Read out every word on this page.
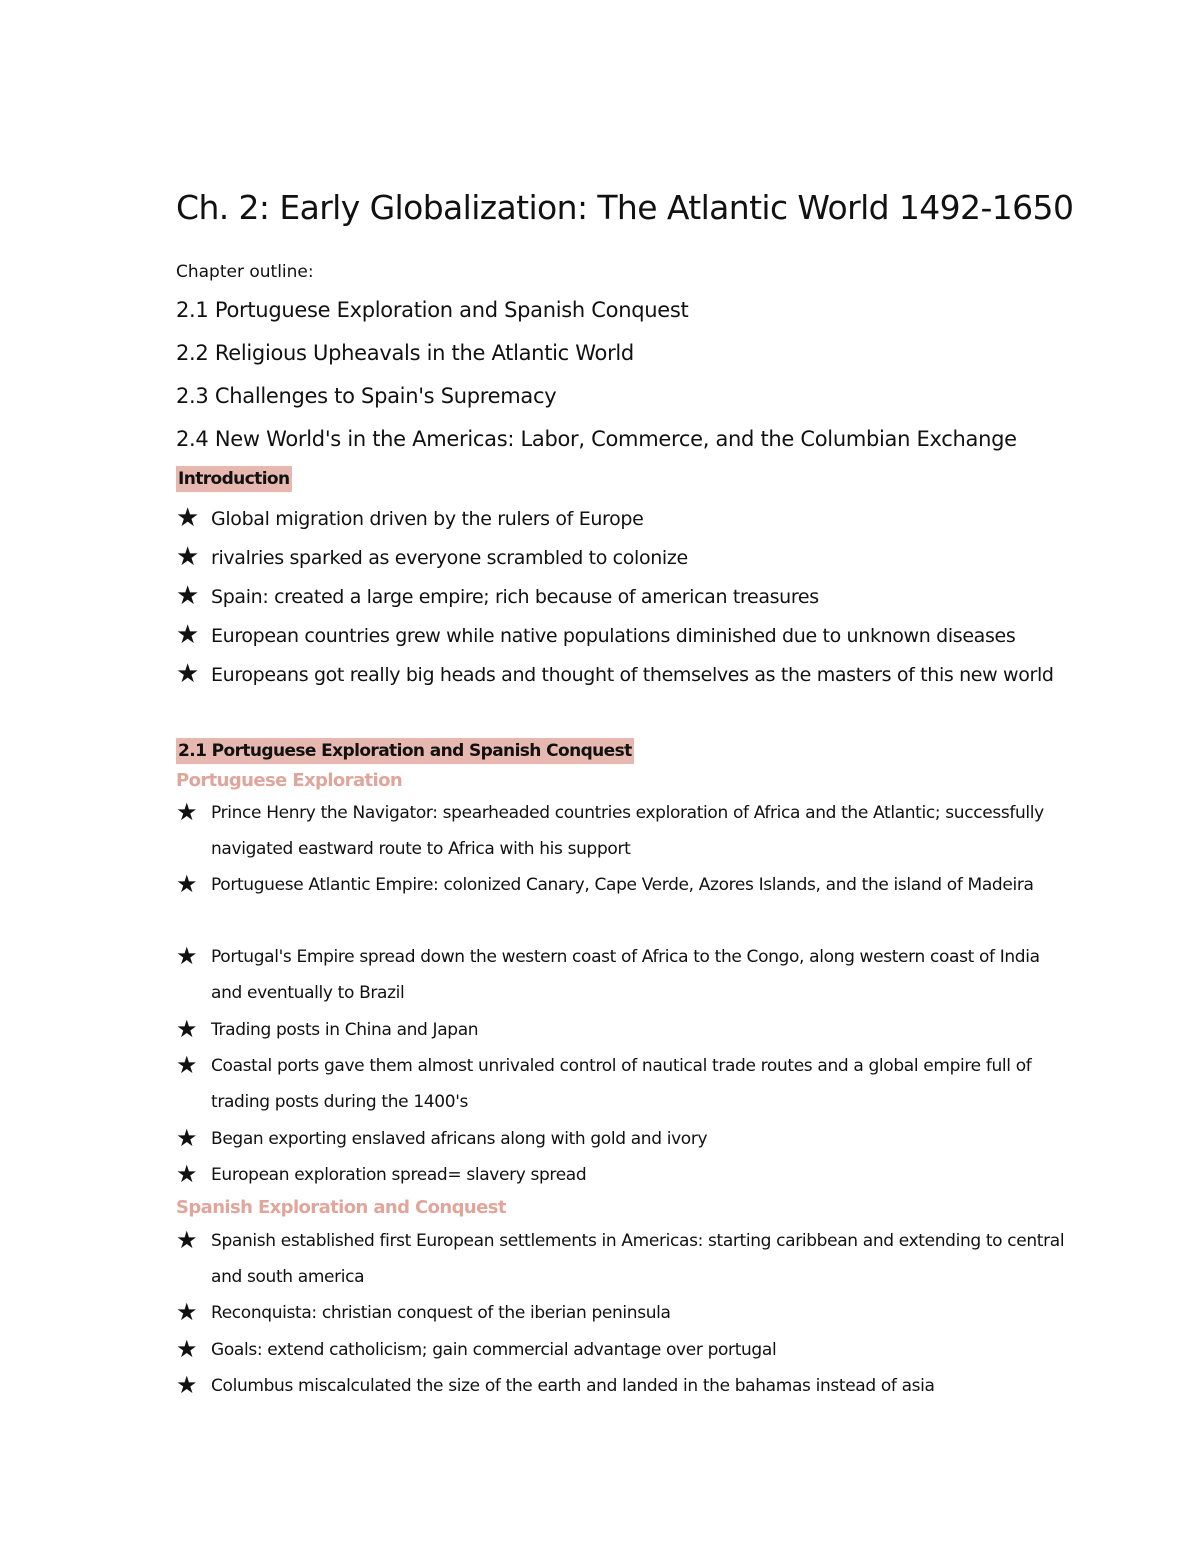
Ch. 2: Early Globalization: The Atlantic World 1492-1650
Chapter outline:
2.1 Portuguese Exploration and Spanish Conquest
2.2 Religious Upheavals in the Atlantic World
2.3 Challenges to Spain's Supremacy
2.4 New World's in the Americas: Labor, Commerce, and the Columbian Exchange
Introduction
★ Global migration driven by the rulers of Europe
★ rivalries sparked as everyone scrambled to colonize
★ Spain: created a large empire; rich because of american treasures
★ European countries grew while native populations diminished due to unknown diseases
★ Europeans got really big heads and thought of themselves as the masters of this new world
2.1 Portuguese Exploration and Spanish Conquest
Portuguese Exploration
★ Prince Henry the Navigator: spearheaded countries exploration of Africa and the Atlantic; successfully navigated eastward route to Africa with his support
★ Portuguese Atlantic Empire: colonized Canary, Cape Verde, Azores Islands, and the island of Madeira
★ Portugal's Empire spread down the western coast of Africa to the Congo, along western coast of India and eventually to Brazil
★ Trading posts in China and Japan
★ Coastal ports gave them almost unrivaled control of nautical trade routes and a global empire full of trading posts during the 1400's
★ Began exporting enslaved africans along with gold and ivory
★ European exploration spread= slavery spread
Spanish Exploration and Conquest
★ Spanish established first European settlements in Americas: starting caribbean and extending to central and south america
★ Reconquista: christian conquest of the iberian peninsula
★ Goals: extend catholicism; gain commercial advantage over portugal
★ Columbus miscalculated the size of the earth and landed in the bahamas instead of asia
